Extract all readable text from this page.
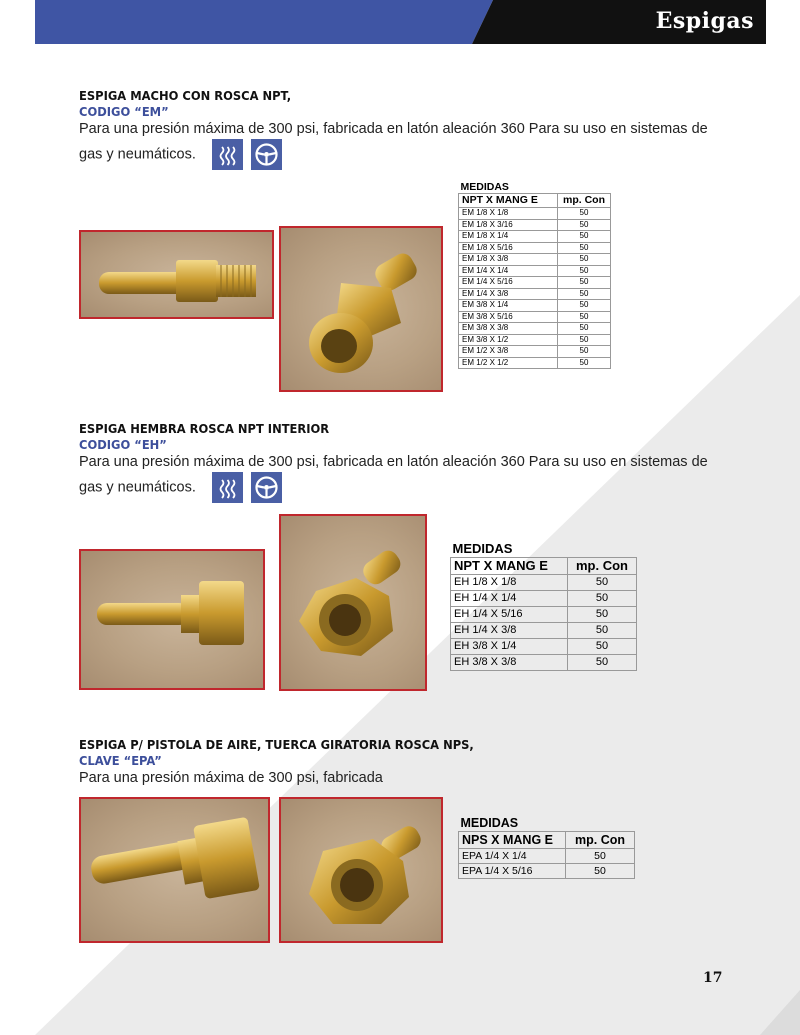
Espigas
ESPIGA MACHO CON ROSCA NPT,
CODIGO “EM”
Para una presión máxima de 300 psi, fabricada en latón aleación 360 Para su uso en sistemas de gas y neumáticos.
MEDIDAS	
NPT X MANG E	mp. Con
EM 1/8 X 1/8	50
EM 1/8 X 3/16	50
EM 1/8 X 1/4	50
EM 1/8 X 5/16	50
EM 1/8 X 3/8	50
EM 1/4 X 1/4	50
EM 1/4 X 5/16	50
EM 1/4 X 3/8	50
EM 3/8 X 1/4	50
EM 3/8 X 5/16	50
EM 3/8 X 3/8	50
EM 3/8 X 1/2	50
EM 1/2 X 3/8	50
EM 1/2 X 1/2	50
ESPIGA HEMBRA ROSCA NPT INTERIOR
CODIGO “EH”
Para una presión máxima de 300 psi, fabricada en latón aleación 360 Para su uso en sistemas de gas y neumáticos.
MEDIDAS	
NPT X MANG E	mp. Con
EH 1/8 X 1/8	50
EH 1/4 X 1/4	50
EH 1/4 X 5/16	50
EH 1/4 X 3/8	50
EH 3/8 X 1/4	50
EH 3/8 X 3/8	50
ESPIGA P/ PISTOLA DE AIRE, TUERCA GIRATORIA ROSCA NPS,
CLAVE “EPA”
Para una presión máxima de 300 psi, fabricada
MEDIDAS	
NPS X MANG E	mp. Con
EPA 1/4 X 1/4	50
EPA 1/4 X 5/16	50
17
